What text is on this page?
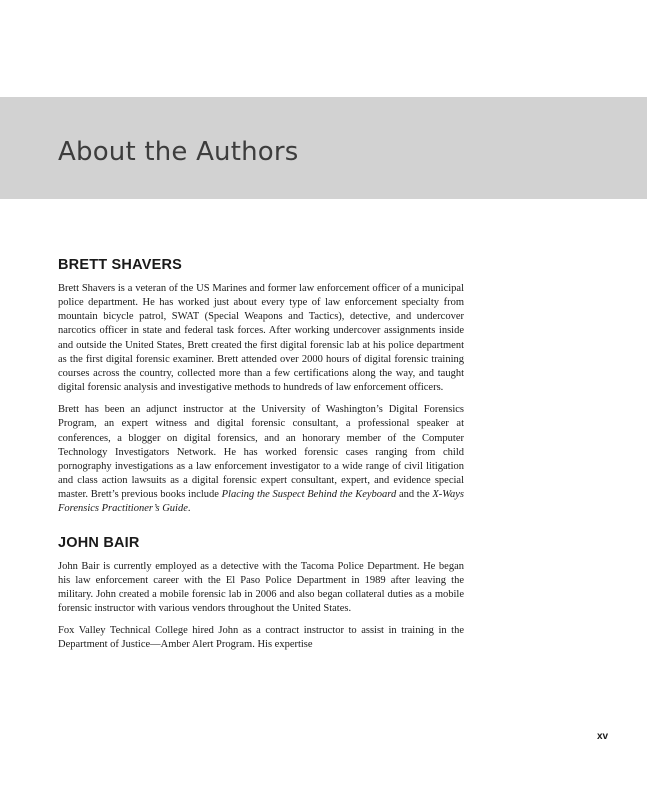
About the Authors
BRETT SHAVERS

Brett Shavers is a veteran of the US Marines and former law enforcement officer of a municipal police department. He has worked just about every type of law enforcement specialty from mountain bicycle patrol, SWAT (Special Weapons and Tactics), detective, and undercover narcotics officer in state and federal task forces. After working undercover assignments inside and outside the United States, Brett created the first digital forensic lab at his police department as the first digital forensic examiner. Brett attended over 2000 hours of digital forensic training courses across the country, collected more than a few certifications along the way, and taught digital forensic analysis and investigative methods to hundreds of law enforcement officers.

Brett has been an adjunct instructor at the University of Washington’s Digital Forensics Program, an expert witness and digital forensic consultant, a professional speaker at conferences, a blogger on digital forensics, and an honorary member of the Computer Technology Investigators Network. He has worked forensic cases ranging from child pornography investigations as a law enforcement investigator to a wide range of civil litigation and class action lawsuits as a digital forensic expert consultant, expert, and evidence special master. Brett’s previous books include Placing the Suspect Behind the Keyboard and the X-Ways Forensics Practitioner’s Guide.

JOHN BAIR

John Bair is currently employed as a detective with the Tacoma Police Department. He began his law enforcement career with the El Paso Police Department in 1989 after leaving the military. John created a mobile forensic lab in 2006 and also began collateral duties as a mobile forensic instructor with various vendors throughout the United States.

Fox Valley Technical College hired John as a contract instructor to assist in training in the Department of Justice—Amber Alert Program. His expertise

xv
